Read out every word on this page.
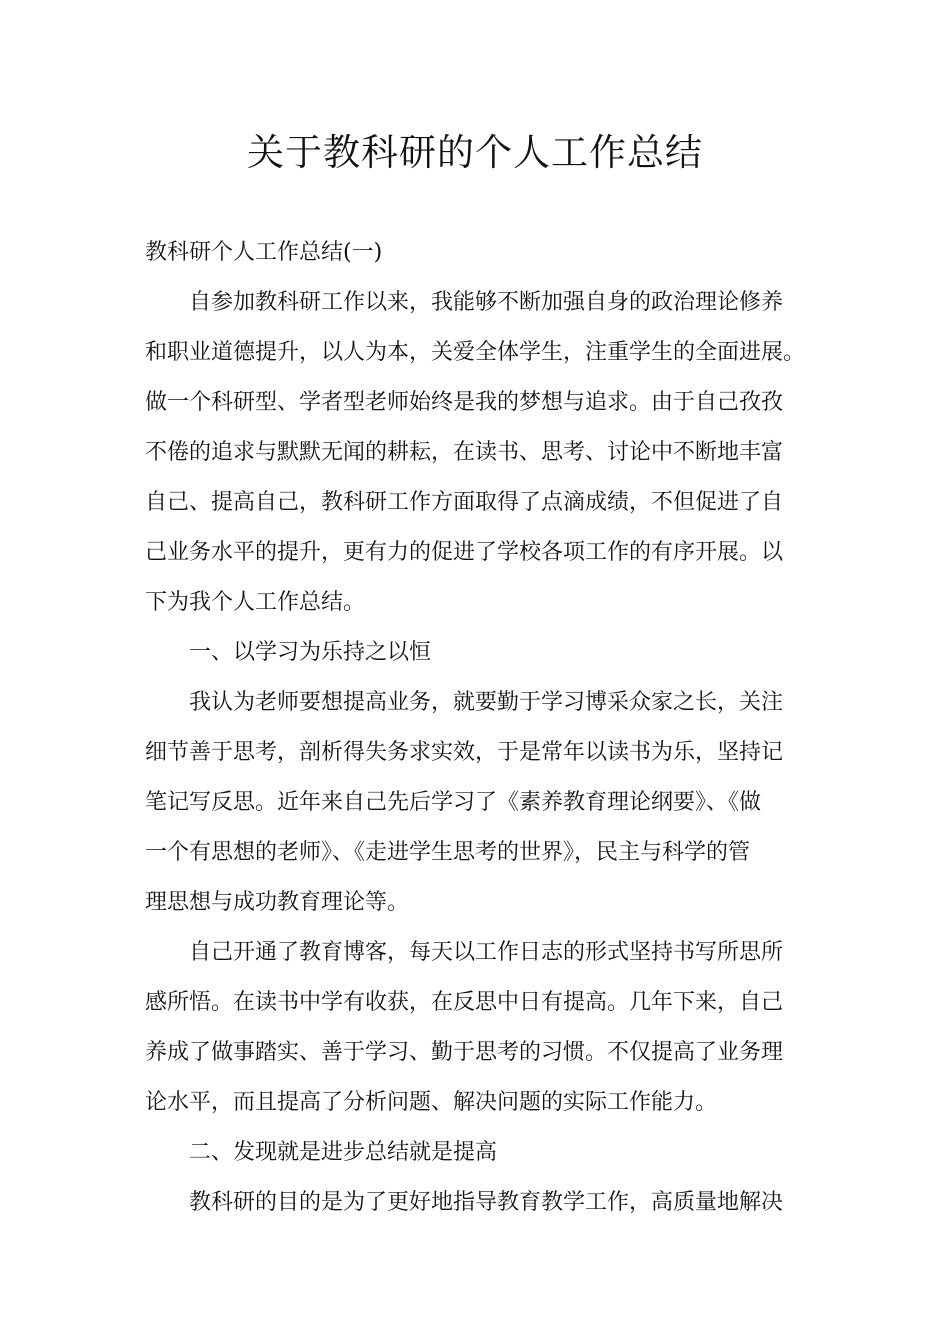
关于教科研的个人工作总结

教科研个人工作总结(一)

自参加教科研工作以来，我能够不断加强自身的政治理论修养

和职业道德提升，以人为本，关爱全体学生，注重学生的全面进展。

做一个科研型、学者型老师始终是我的梦想与追求。由于自己孜孜

不倦的追求与默默无闻的耕耘，在读书、思考、讨论中不断地丰富

自己、提高自己，教科研工作方面取得了点滴成绩，不但促进了自

己业务水平的提升，更有力的促进了学校各项工作的有序开展。以

下为我个人工作总结。

一、以学习为乐持之以恒

我认为老师要想提高业务，就要勤于学习博采众家之长，关注

细节善于思考，剖析得失务求实效，于是常年以读书为乐，坚持记

笔记写反思。近年来自己先后学习了《素养教育理论纲要》、《做

一个有思想的老师》、《走进学生思考的世界》，民主与科学的管

理思想与成功教育理论等。

自己开通了教育博客，每天以工作日志的形式坚持书写所思所

感所悟。在读书中学有收获，在反思中日有提高。几年下来，自己

养成了做事踏实、善于学习、勤于思考的习惯。不仅提高了业务理

论水平，而且提高了分析问题、解决问题的实际工作能力。

二、发现就是进步总结就是提高

教科研的目的是为了更好地指导教育教学工作，高质量地解决
